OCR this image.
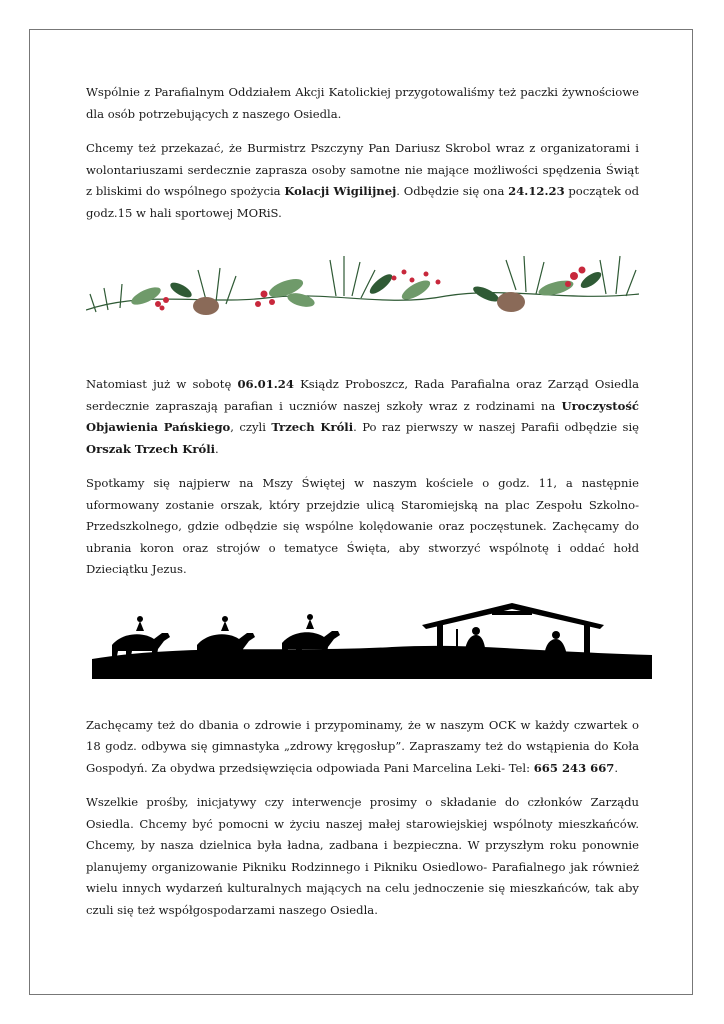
Wspólnie z Parafialnym Oddziałem Akcji Katolickiej przygotowaliśmy też paczki żywnościowe dla osób potrzebujących z naszego Osiedla.

Chcemy też przekazać, że Burmistrz Pszczyny Pan Dariusz Skrobol wraz z organizatorami i wolontariuszami serdecznie zaprasza osoby samotne nie mające możliwości spędzenia Świąt z bliskimi do wspólnego spożycia Kolacji Wigilijnej. Odbędzie się ona 24.12.23 początek od godz.15 w hali sportowej MORiS.

Natomiast już w sobotę 06.01.24 Ksiądz Proboszcz, Rada Parafialna oraz Zarząd Osiedla serdecznie zapraszają parafian i uczniów naszej szkoły wraz z rodzinami na Uroczystość Objawienia Pańskiego, czyli Trzech Króli. Po raz pierwszy w naszej Parafii odbędzie się Orszak Trzech Króli.

Spotkamy się najpierw na Mszy Świętej w naszym kościele o godz. 11, a następnie uformowany zostanie orszak, który przejdzie ulicą Staromiejską na plac Zespołu Szkolno- Przedszkolnego, gdzie odbędzie się wspólne kolędowanie oraz poczęstunek. Zachęcamy do ubrania koron oraz strojów o tematyce Święta, aby stworzyć wspólnotę i oddać hołd Dzieciątku Jezus.

Zachęcamy też do dbania o zdrowie i przypominamy, że w naszym OCK w każdy czwartek o 18 godz. odbywa się gimnastyka „zdrowy kręgosłup”. Zapraszamy też do wstąpienia do Koła Gospodyń. Za obydwa przedsięwzięcia odpowiada Pani Marcelina Leki- Tel: 665 243 667.

Wszelkie prośby, inicjatywy czy interwencje prosimy o składanie do członków Zarządu Osiedla. Chcemy być pomocni w życiu naszej małej starowiejskiej wspólnoty mieszkańców. Chcemy, by nasza dzielnica była ładna, zadbana i bezpieczna. W przyszłym roku ponownie planujemy organizowanie Pikniku Rodzinnego i Pikniku Osiedlowo- Parafialnego jak również wielu innych wydarzeń kulturalnych mających na celu jednoczenie się mieszkańców, tak aby czuli się też współgospodarzami naszego Osiedla.
